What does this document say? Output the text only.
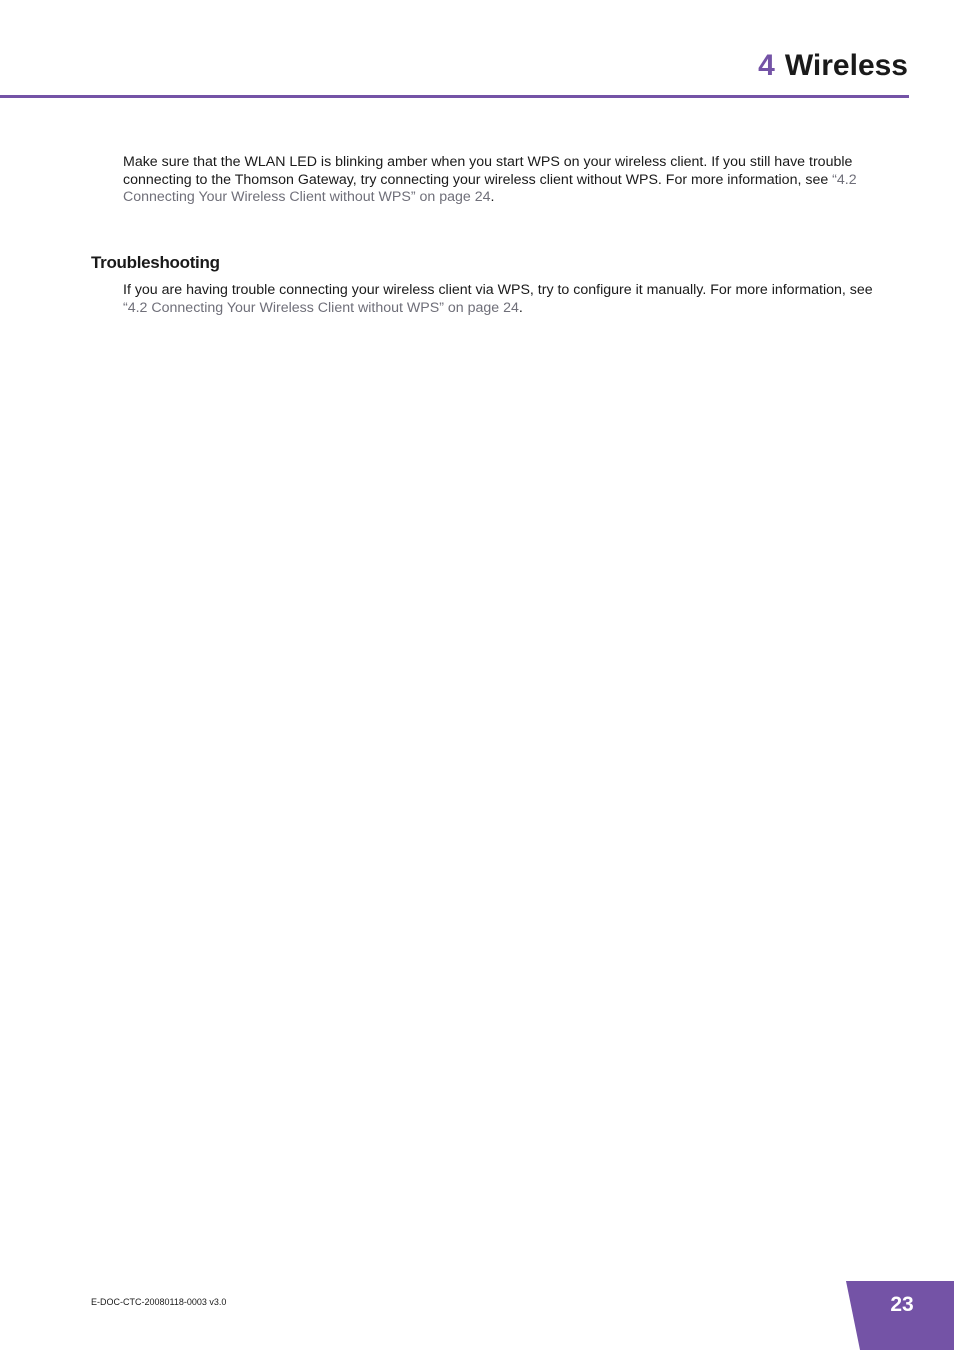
4 Wireless

Make sure that the WLAN LED is blinking amber when you start WPS on your wireless client. If you still have trouble connecting to the Thomson Gateway, try connecting your wireless client without WPS. For more information, see “4.2 Connecting Your Wireless Client without WPS” on page 24.

Troubleshooting

If you are having trouble connecting your wireless client via WPS, try to configure it manually. For more information, see “4.2 Connecting Your Wireless Client without WPS” on page 24.

E-DOC-CTC-20080118-0003 v3.0	23
